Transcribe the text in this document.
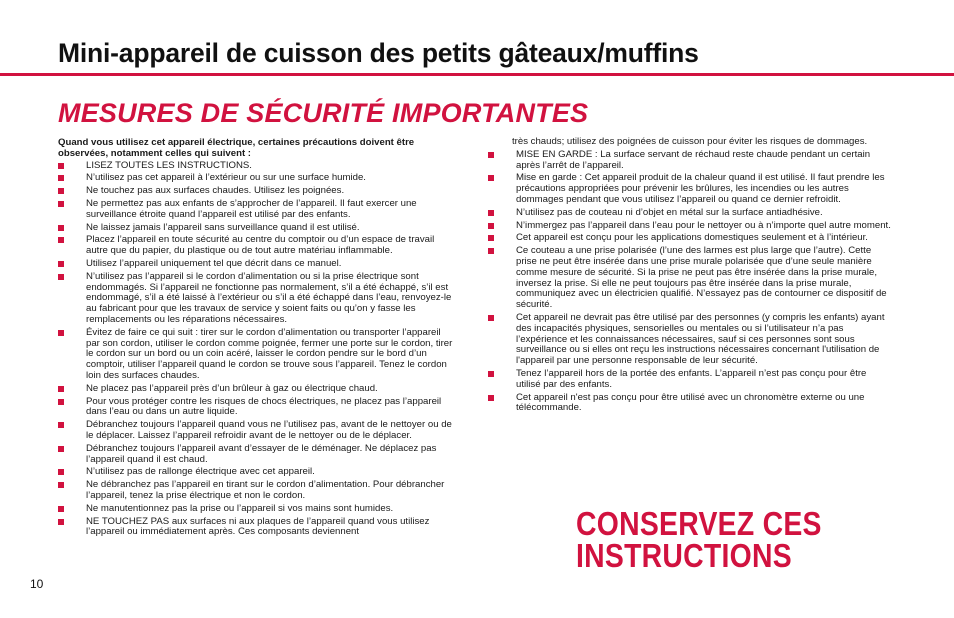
Mini-appareil de cuisson des petits gâteaux/muffins
MESURES DE SÉCURITÉ IMPORTANTES

Quand vous utilisez cet appareil électrique, certaines précautions doivent être observées, notamment celles qui suivent :

LISEZ TOUTES LES INSTRUCTIONS.
N’utilisez pas cet appareil à l’extérieur ou sur une surface humide.
Ne touchez pas aux surfaces chaudes. Utilisez les poignées.
Ne permettez pas aux enfants de s’approcher de l’appareil. Il faut exercer une surveillance étroite quand l’appareil est utilisé par des enfants.
Ne laissez jamais l’appareil sans surveillance quand il est utilisé.
Placez l’appareil en toute sécurité au centre du comptoir ou d’un espace de travail autre que du papier, du plastique ou de tout autre matériau inflammable.
Utilisez l’appareil uniquement tel que décrit dans ce manuel.
N’utilisez pas l’appareil si le cordon d’alimentation ou si la prise électrique sont endommagés. Si l’appareil ne fonctionne pas normalement, s’il a été échappé, s’il est endommagé, s’il a été laissé à l’extérieur ou s’il a été échappé dans l’eau, renvoyez-le au fabricant pour que les travaux de service y soient faits ou qu’on y fasse les remplacements ou les réparations nécessaires.
Évitez de faire ce qui suit : tirer sur le cordon d’alimentation ou transporter l’appareil par son cordon, utiliser le cordon comme poignée, fermer une porte sur le cordon, tirer le cordon sur un bord ou un coin acéré, laisser le cordon pendre sur le bord d’un comptoir, utiliser l’appareil quand le cordon se trouve sous l’appareil. Tenez le cordon loin des surfaces chaudes.
Ne placez pas l’appareil près d’un brûleur à gaz ou électrique chaud.
Pour vous protéger contre les risques de chocs électriques, ne placez pas l’appareil dans l’eau ou dans un autre liquide.
Débranchez toujours l’appareil quand vous ne l’utilisez pas, avant de le nettoyer ou de le déplacer. Laissez l’appareil refroidir avant de le nettoyer ou de le déplacer.
Débranchez toujours l’appareil avant d’essayer de le déménager. Ne déplacez pas l’appareil quand il est chaud.
N’utilisez pas de rallonge électrique avec cet appareil.
Ne débranchez pas l’appareil en tirant sur le cordon d’alimentation. Pour débrancher l’appareil, tenez la prise électrique et non le cordon.
Ne manutentionnez pas la prise ou l’appareil si vos mains sont humides.
NE TOUCHEZ PAS aux surfaces ni aux plaques de l’appareil quand vous utilisez l’appareil ou immédiatement après. Ces composants deviennent
très chauds; utilisez des poignées de cuisson pour éviter les risques de dommages.
MISE EN GARDE : La surface servant de réchaud reste chaude pendant un certain après l’arrêt de l’appareil.
Mise en garde : Cet appareil produit de la chaleur quand il est utilisé. Il faut prendre les précautions appropriées pour prévenir les brûlures, les incendies ou les autres dommages pendant que vous utilisez l’appareil ou quand ce dernier refroidit.
N’utilisez pas de couteau ni d’objet en métal sur la surface antiadhésive.
N’immergez pas l’appareil dans l’eau pour le nettoyer ou à n’importe quel autre moment.
Cet appareil est conçu pour les applications domestiques seulement et à l’intérieur.
Ce couteau a une prise polarisée (l’une des larmes est plus large que l’autre). Cette prise ne peut être insérée dans une prise murale polarisée que d’une seule manière comme mesure de sécurité. Si la prise ne peut pas être insérée dans la prise murale, inversez la prise. Si elle ne peut toujours pas être insérée dans la prise murale, communiquez avec un électricien qualifié. N’essayez pas de contourner ce dispositif de sécurité.
Cet appareil ne devrait pas être utilisé par des personnes (y compris les enfants) ayant des incapacités physiques, sensorielles ou mentales ou si l’utilisateur n’a pas l’expérience et les connaissances nécessaires, sauf si ces personnes sont sous surveillance ou si elles ont reçu les instructions nécessaires concernant l'utilisation de l'appareil par une personne responsable de leur sécurité.
Tenez l’appareil hors de la portée des enfants. L’appareil n’est pas conçu pour être utilisé par des enfants.
Cet appareil n'est pas conçu pour être utilisé avec un chronomètre externe ou une télécommande.
CONSERVEZ CES
INSTRUCTIONS
10
